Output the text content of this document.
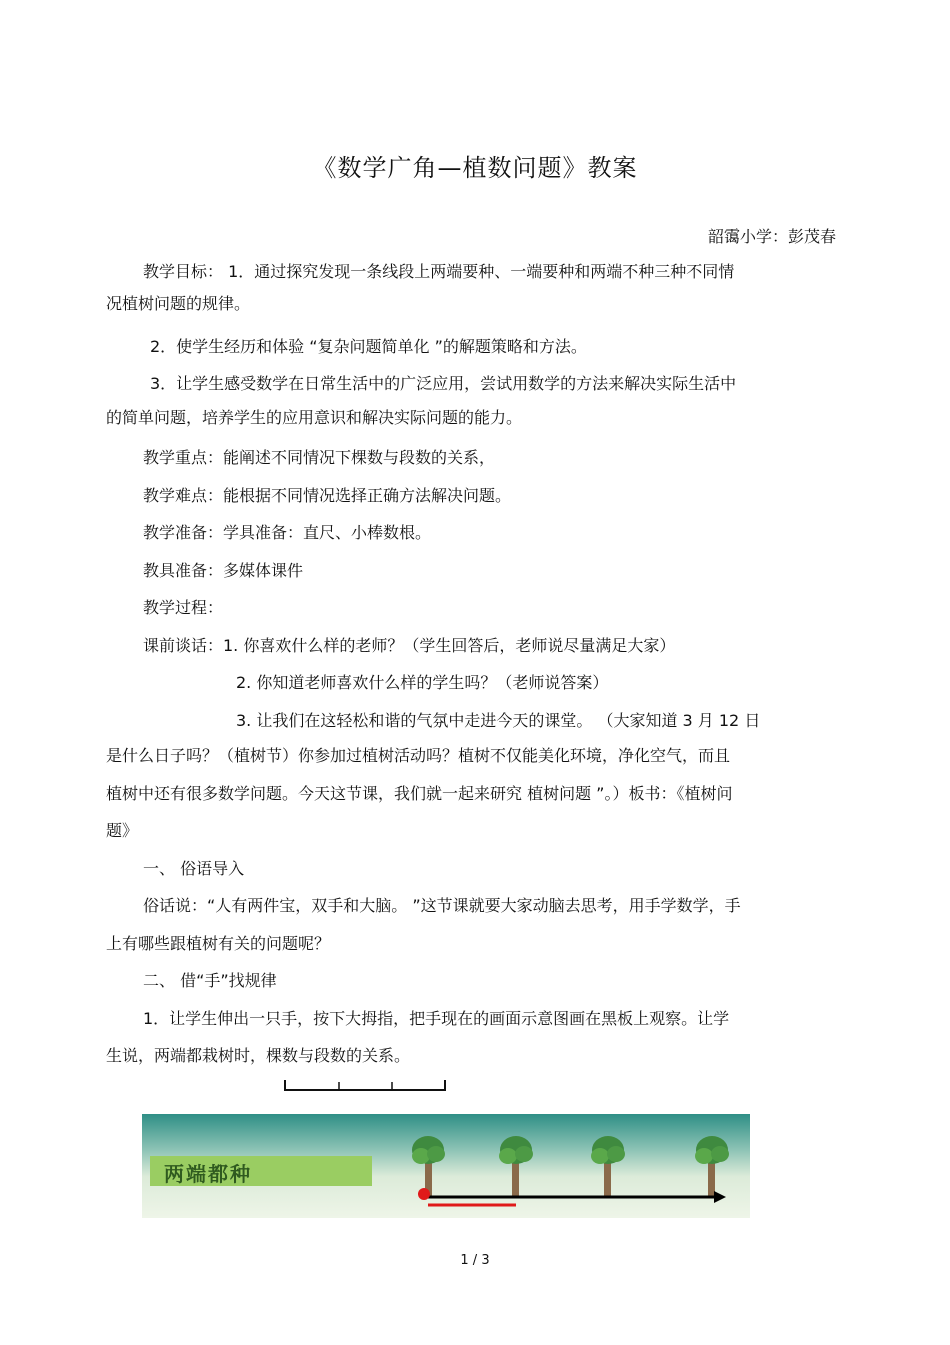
《数学广角—植数问题》教案
韶霭小学：彭茂春
教学目标： 1．通过探究发现一条线段上两端要种、一端要种和两端不种三种不同情
况植树问题的规律。
2．使学生经历和体验 “复杂问题简单化 ”的解题策略和方法。
3．让学生感受数学在日常生活中的广泛应用，尝试用数学的方法来解决实际生活中
的简单问题，培养学生的应用意识和解决实际问题的能力。
教学重点：能阐述不同情况下棵数与段数的关系，
教学难点：能根据不同情况选择正确方法解决问题。
教学准备：学具准备：直尺、小棒数根。
教具准备：多媒体课件
教学过程：
课前谈话：1. 你喜欢什么样的老师？（学生回答后，老师说尽量满足大家）
2. 你知道老师喜欢什么样的学生吗？（老师说答案）
3. 让我们在这轻松和谐的气氛中走进今天的课堂。 （大家知道 3 月 12 日
是什么日子吗？（植树节）你参加过植树活动吗？植树不仅能美化环境，净化空气，而且
植树中还有很多数学问题。今天这节课，我们就一起来研究 植树问题 ”。）板书：《植树问
题》
一、 俗语导入
俗话说：“人有两件宝，双手和大脑。 ”这节课就要大家动脑去思考，用手学数学，手
上有哪些跟植树有关的问题呢？
二、 借“手”找规律
1．让学生伸出一只手，按下大拇指，把手现在的画面示意图画在黑板上观察。让学
生说，两端都栽树时，棵数与段数的关系。
两端都种
1 / 3
